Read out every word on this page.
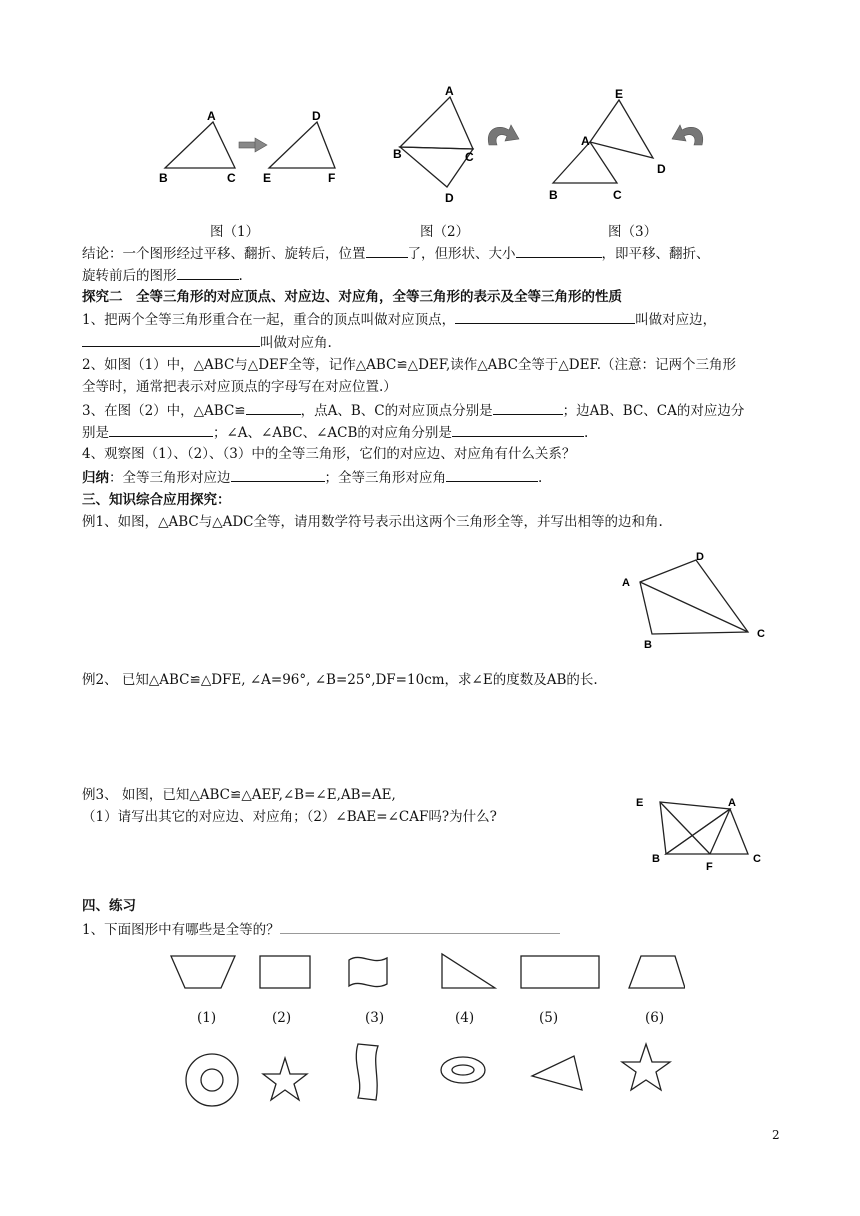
A
B	C
D
E	F
A
B	C
D
E
A
D
B	C
图（1）	图（2）	图（3）
结论：一个图形经过平移、翻折、旋转后，位置	了，但形状、大小	，即平移、翻折、
旋转前后的图形	.
探究二　全等三角形的对应顶点、对应边、对应角，全等三角形的表示及全等三角形的性质
1、把两个全等三角形重合在一起，重合的顶点叫做对应顶点，	叫做对应边，
叫做对应角.
2、如图（1）中，△ABC与△DEF全等，记作△ABC≌△DEF,读作△ABC全等于△DEF.（注意：记两个三角形
全等时，通常把表示对应顶点的字母写在对应位置.）
3、在图（2）中，△ABC≌	，点A、B、C的对应顶点分别是	；边AB、BC、CA的对应边分
别是	；∠A、∠ABC、∠ACB的对应角分别是	.
4、观察图（1）、（2）、（3）中的全等三角形，它们的对应边、对应角有什么关系？
归纳：全等三角形对应边	；全等三角形对应角	.
三、知识综合应用探究：
例1、如图，△ABC与△ADC全等，请用数学符号表示出这两个三角形全等，并写出相等的边和角.
A
D
C
B
例2、 已知△ABC≌△DFE, ∠A=96°, ∠B=25°,DF=10cm，求∠E的度数及AB的长.
例3、 如图，已知△ABC≌△AEF,∠B=∠E,AB=AE,
（1）请写出其它的对应边、对应角；（2）∠BAE=∠CAF吗?为什么?
E	A
B
F
C
四、练习
1、下面图形中有哪些是全等的？
(1)	(2)	(3)	(4)	(5)	(6)
2
